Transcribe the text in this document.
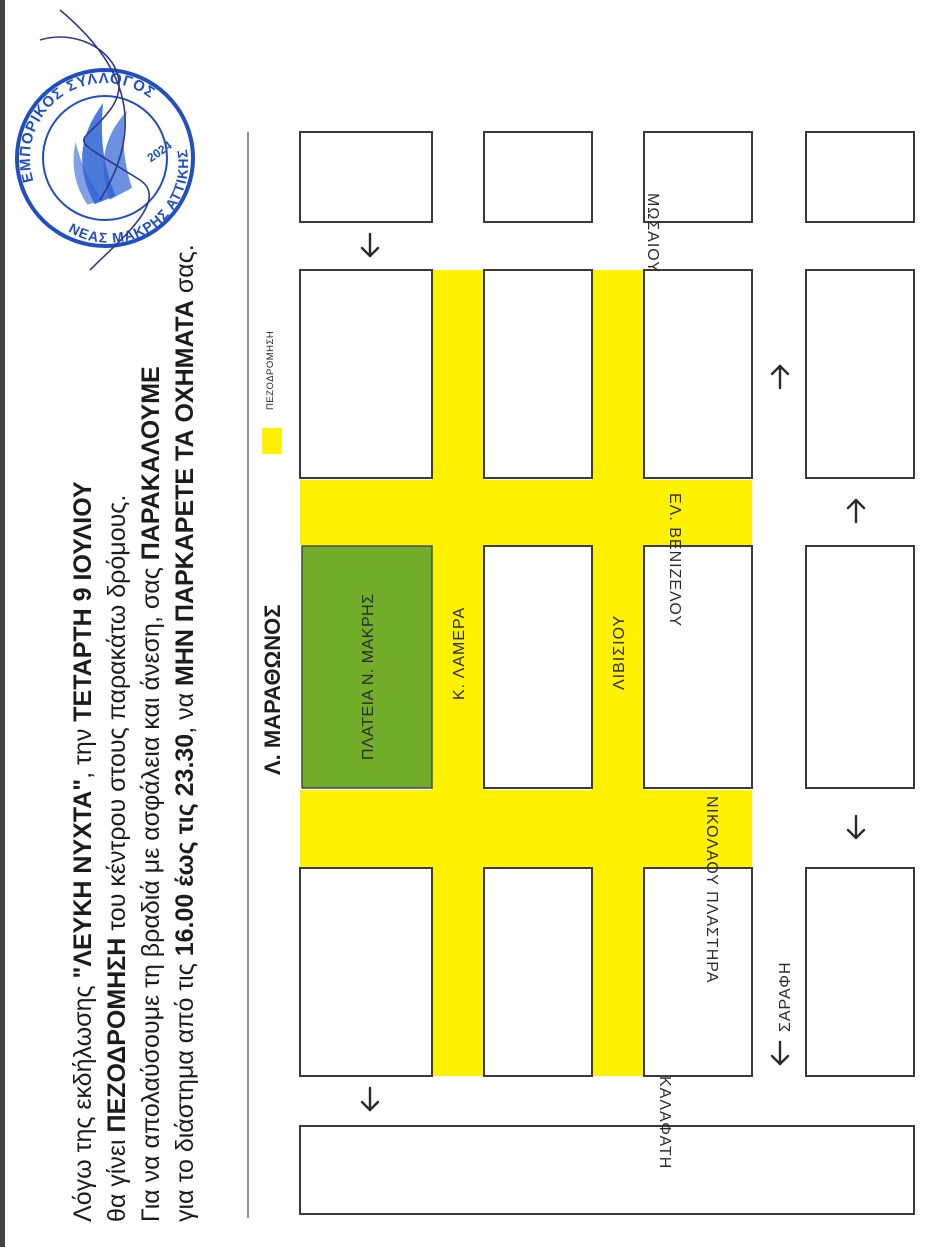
Λόγω της εκδήλωσης "ΛΕΥΚΗ ΝΥΧΤΑ", την ΤΕΤΑΡΤΗ 9 ΙΟΥΛΙΟΥ
θα γίνει ΠΕΖΟΔΡΟΜΗΣΗ του κέντρου στους παρακάτω δρόμους. Για να απολαύσουμε τη βραδιά με ασφάλεια και άνεση, σας ΠΑΡΑΚΑΛΟΥΜΕ
για το διάστημα από τις 16.00 έως τις 23.30, να ΜΗΝ ΠΑΡΚΑΡΕΤΕ ΤΑ ΟΧΗΜΑΤΑ σας.
ΠΕΖΟΔΡΟΜΗΣΗ
Λ. ΜΑΡΑΘΩΝΟΣ	ΠΛΑΤΕΙΑ Ν. ΜΑΚΡΗΣ	Κ. ΛΑΜΕΡΑ	ΛΙΒΙΣΙΟΥ
ΣΑΡΑΦΗ
ΕΛ. ΒΕΝΙΖΕΛΟΥ
ΜΩΣΑΙΟΥ
ΝΙΚΟΛΑΟΥ ΠΛΑΣΤΗΡΑ
ΚΑΛΑΦΑΤΗ
ΕΜΠΟΡΙΚΟΣ ΣΥΛΛΟΓΟΣ
ΝΕΑΣ ΜΑΚΡΗΣ ΑΤΤΙΚΗΣ
2024
